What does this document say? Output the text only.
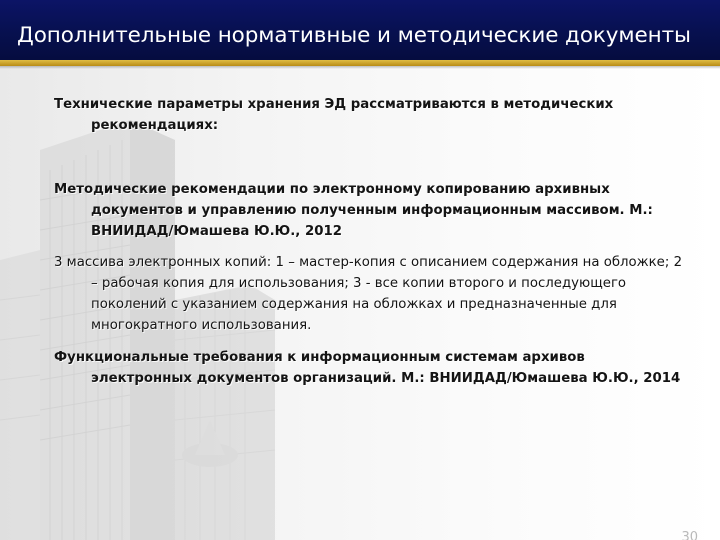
Дополнительные нормативные и методические документы

Технические параметры хранения ЭД рассматриваются в методических рекомендациях:

Методические рекомендации по электронному копированию архивных документов и управлению полученным информационным массивом. М.: ВНИИДАД/Юмашева Ю.Ю., 2012

3 массива электронных копий: 1 – мастер-копия с описанием содержания на обложке; 2 – рабочая копия для использования; 3 - все копии второго и последующего поколений с указанием содержания на обложках и предназначенные для многократного использования.

Функциональные требования к информационным системам архивов электронных документов организаций. М.: ВНИИДАД/Юмашева Ю.Ю., 2014

30
